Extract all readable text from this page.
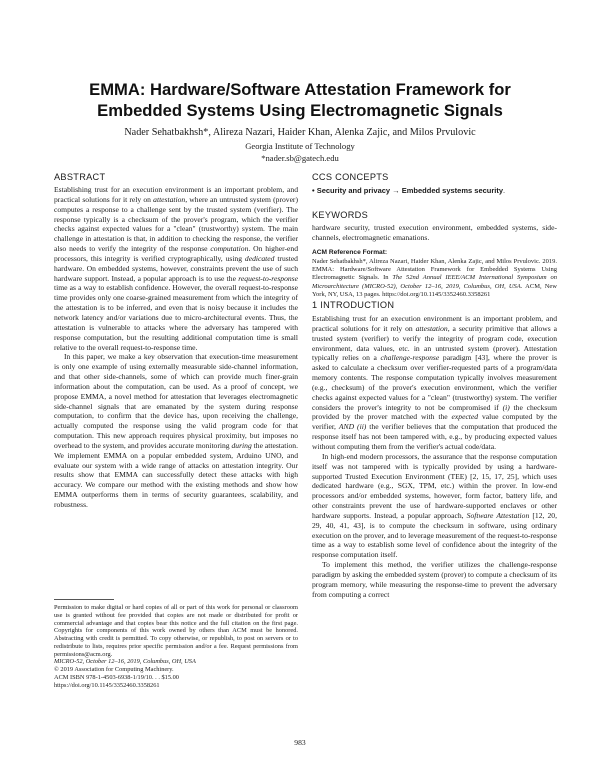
EMMA: Hardware/Software Attestation Framework for
Embedded Systems Using Electromagnetic Signals
Nader Sehatbakhsh*, Alireza Nazari, Haider Khan, Alenka Zajic, and Milos Prvulovic
Georgia Institute of Technology
*nader.sb@gatech.edu
ABSTRACT

Establishing trust for an execution environment is an important problem, and practical solutions for it rely on attestation, where an untrusted system (prover) computes a response to a challenge sent by the trusted system (verifier). The response typically is a checksum of the prover's program, which the verifier checks against expected values for a "clean" (trustworthy) system. The main challenge in attestation is that, in addition to checking the response, the verifier also needs to verify the integrity of the response computation. On higher-end processors, this integrity is verified cryptographically, using dedicated trusted hardware. On embedded systems, however, constraints prevent the use of such hardware support. Instead, a popular approach is to use the request-to-response time as a way to establish confidence. However, the overall request-to-response time provides only one coarse-grained measurement from which the integrity of the attestation is to be inferred, and even that is noisy because it includes the network latency and/or variations due to micro-architectural events. Thus, the attestation is vulnerable to attacks where the adversary has tampered with response computation, but the resulting additional computation time is small relative to the overall request-to-response time.

In this paper, we make a key observation that execution-time measurement is only one example of using externally measurable side-channel information, and that other side-channels, some of which can provide much finer-grain information about the computation, can be used. As a proof of concept, we propose EMMA, a novel method for attestation that leverages electromagnetic side-channel signals that are emanated by the system during response computation, to confirm that the device has, upon receiving the challenge, actually computed the response using the valid program code for that computation. This new approach requires physical proximity, but imposes no overhead to the system, and provides accurate monitoring during the attestation. We implement EMMA on a popular embedded system, Arduino UNO, and evaluate our system with a wide range of attacks on attestation integrity. Our results show that EMMA can successfully detect these attacks with high accuracy. We compare our method with the existing methods and show how EMMA outperforms them in terms of security guarantees, scalability, and robustness.

Permission to make digital or hard copies of all or part of this work for personal or classroom use is granted without fee provided that copies are not made or distributed for profit or commercial advantage and that copies bear this notice and the full citation on the first page. Copyrights for components of this work owned by others than ACM must be honored. Abstracting with credit is permitted. To copy otherwise, or republish, to post on servers or to redistribute to lists, requires prior specific permission and/or a fee. Request permissions from permissions@acm.org.
MICRO-52, October 12–16, 2019, Columbus, OH, USA
© 2019 Association for Computing Machinery.
ACM ISBN 978-1-4503-6938-1/19/10. . . $15.00
https://doi.org/10.1145/3352460.3358261
CCS CONCEPTS
• Security and privacy → Embedded systems security.
KEYWORDS
hardware security, trusted execution environment, embedded systems, side-channels, electromagnetic emanations.
ACM Reference Format:
Nader Sehatbakhsh*, Alireza Nazari, Haider Khan, Alenka Zajic, and Milos Prvulovic. 2019. EMMA: Hardware/Software Attestation Framework for Embedded Systems Using Electromagnetic Signals. In The 52nd Annual IEEE/ACM International Symposium on Microarchitecture (MICRO-52), October 12–16, 2019, Columbus, OH, USA. ACM, New York, NY, USA, 13 pages. https://doi.org/10.1145/3352460.3358261
1 INTRODUCTION

Establishing trust for an execution environment is an important problem, and practical solutions for it rely on attestation, a security primitive that allows a trusted system (verifier) to verify the integrity of program code, execution environment, data values, etc. in an untrusted system (prover). Attestation typically relies on a challenge-response paradigm [43], where the prover is asked to calculate a checksum over verifier-requested parts of a program/data memory contents. The response computation typically involves measurement (e.g., checksum) of the prover's execution environment, which the verifier checks against expected values for a "clean" (trustworthy) system. The verifier considers the prover's integrity to not be compromised if (i) the checksum provided by the prover matched with the expected value computed by the verifier, AND (ii) the verifier believes that the computation that produced the response itself has not been tampered with, e.g., by producing expected values without computing them from the verifier's actual code/data.

In high-end modern processors, the assurance that the response computation itself was not tampered with is typically provided by using a hardware-supported Trusted Execution Environment (TEE) [2, 15, 17, 25], which uses dedicated hardware (e.g., SGX, TPM, etc.) within the prover. In low-end processors and/or embedded systems, however, form factor, battery life, and other constraints prevent the use of hardware-supported enclaves or other hardware supports. Instead, a popular approach, Software Attestation [12, 20, 29, 40, 41, 43], is to compute the checksum in software, using ordinary execution on the prover, and to leverage measurement of the request-to-response time as a way to establish some level of confidence about the integrity of the response computation itself.

To implement this method, the verifier utilizes the challenge-response paradigm by asking the embedded system (prover) to compute a checksum of its program memory, while measuring the response-time to prevent the adversary from computing a correct

983
